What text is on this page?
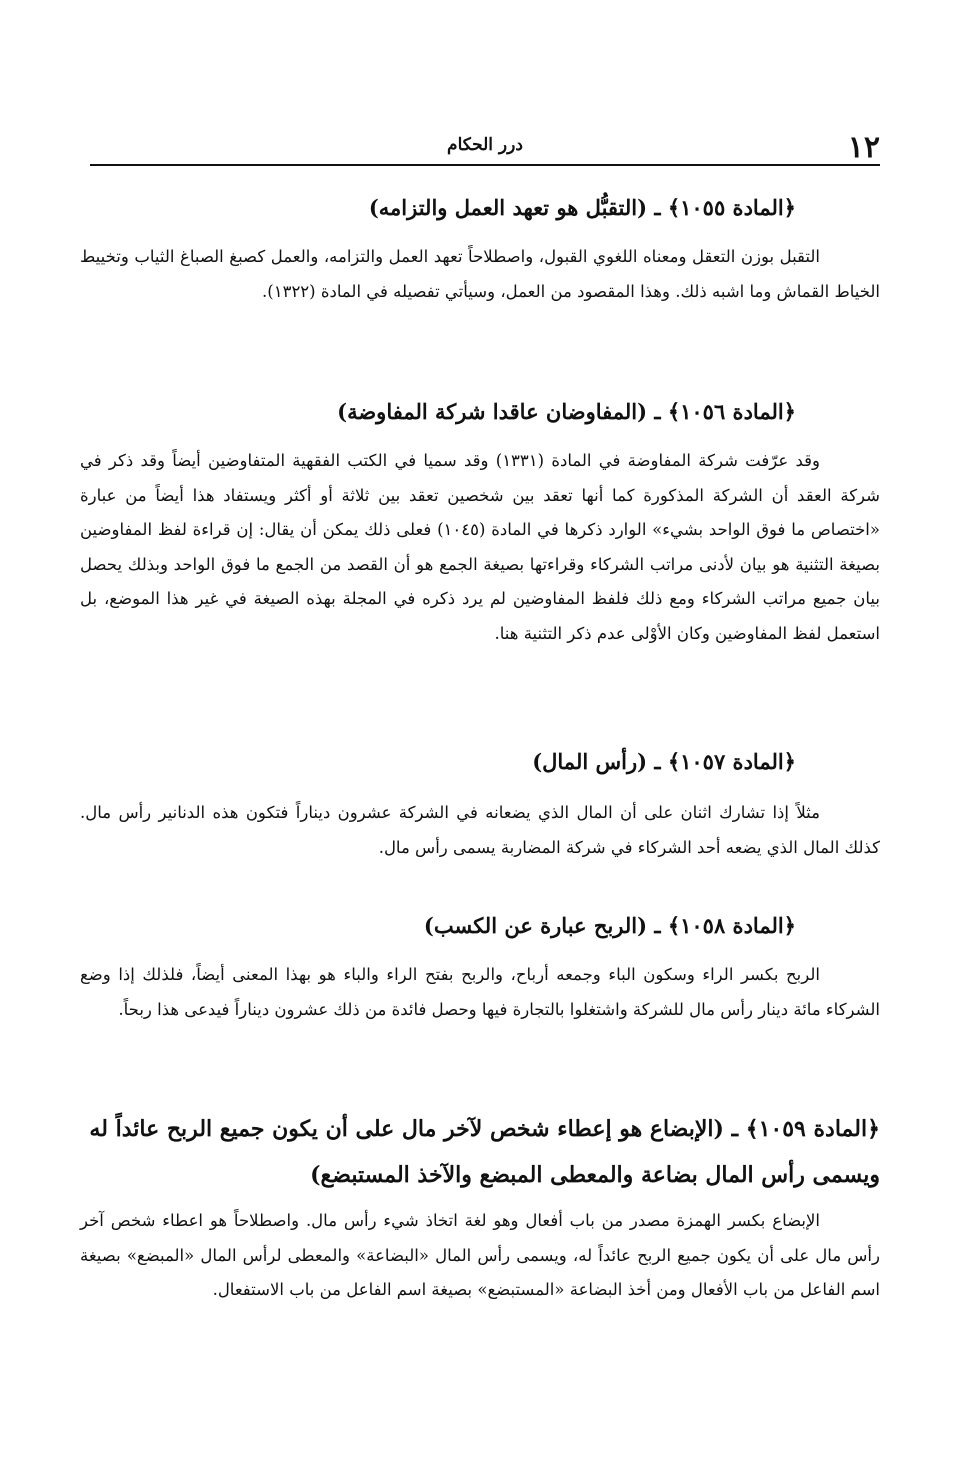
١٢
درر الحكام
﴿المادة ١٠٥٥﴾ ـ (التقبُّل هو تعهد العمل والتزامه)

التقبل بوزن التعقل ومعناه اللغوي القبول، واصطلاحاً تعهد العمل والتزامه، والعمل كصبغ الصباغ الثياب وتخييط الخياط القماش وما اشبه ذلك. وهذا المقصود من العمل، وسيأتي تفصيله في المادة (١٣٢٢).

﴿المادة ١٠٥٦﴾ ـ (المفاوضان عاقدا شركة المفاوضة)

وقد عرّفت شركة المفاوضة في المادة (١٣٣١) وقد سميا في الكتب الفقهية المتفاوضين أيضاً وقد ذكر في شركة العقد أن الشركة المذكورة كما أنها تعقد بين شخصين تعقد بين ثلاثة أو أكثر ويستفاد هذا أيضاً من عبارة «اختصاص ما فوق الواحد بشيء» الوارد ذكرها في المادة (١٠٤٥) فعلى ذلك يمكن أن يقال: إن قراءة لفظ المفاوضين بصيغة التثنية هو بيان لأدنى مراتب الشركاء وقراءتها بصيغة الجمع هو أن القصد من الجمع ما فوق الواحد وبذلك يحصل بيان جميع مراتب الشركاء ومع ذلك فلفظ المفاوضين لم يرد ذكره في المجلة بهذه الصيغة في غير هذا الموضع، بل استعمل لفظ المفاوضين وكان الأوْلى عدم ذكر التثنية هنا.

﴿المادة ١٠٥٧﴾ ـ (رأس المال)

مثلاً إذا تشارك اثنان على أن المال الذي يضعانه في الشركة عشرون ديناراً فتكون هذه الدنانير رأس مال. كذلك المال الذي يضعه أحد الشركاء في شركة المضاربة يسمى رأس مال.

﴿المادة ١٠٥٨﴾ ـ (الربح عبارة عن الكسب)

الربح بكسر الراء وسكون الباء وجمعه أرباح، والربح بفتح الراء والباء هو بهذا المعنى أيضاً، فلذلك إذا وضع الشركاء مائة دينار رأس مال للشركة واشتغلوا بالتجارة فيها وحصل فائدة من ذلك عشرون ديناراً فيدعى هذا ربحاً.

﴿المادة ١٠٥٩﴾ ـ (الإبضاع هو إعطاء شخص لآخر مال على أن يكون جميع الربح عائداً له ويسمى رأس المال بضاعة والمعطى المبضع والآخذ المستبضع)

الإبضاع بكسر الهمزة مصدر من باب أفعال وهو لغة اتخاذ شيء رأس مال. واصطلاحاً هو اعطاء شخص آخر رأس مال على أن يكون جميع الربح عائداً له، ويسمى رأس المال «البضاعة» والمعطى لرأس المال «المبضع» بصيغة اسم الفاعل من باب الأفعال ومن أخذ البضاعة «المستبضع» بصيغة اسم الفاعل من باب الاستفعال.
